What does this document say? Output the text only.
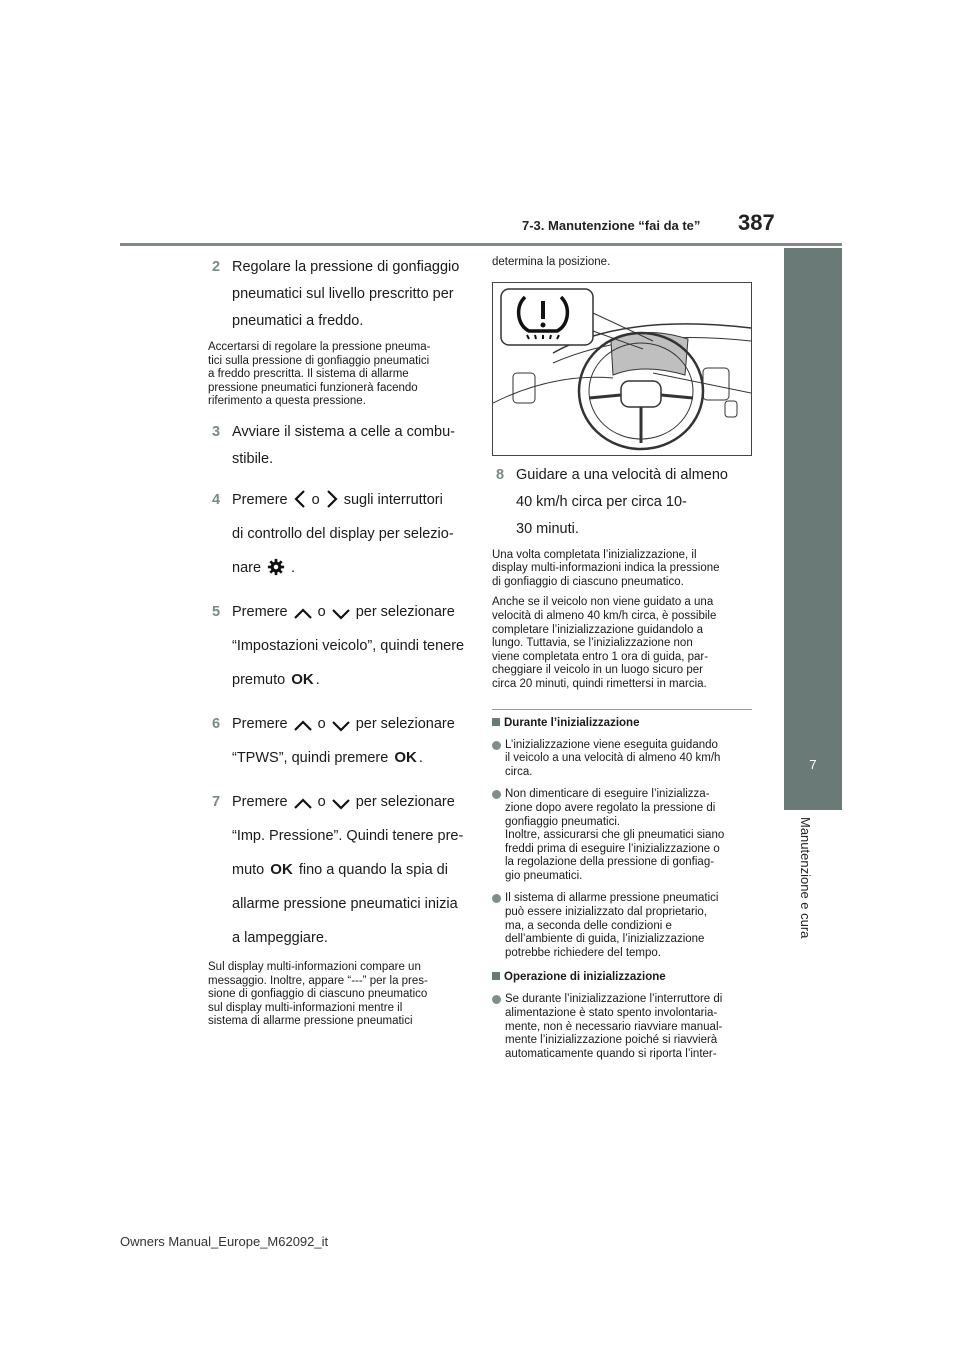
7-3. Manutenzione “fai da te” 387
7
Manutenzione e cura
2 Regolare la pressione di gonfiaggio
pneumatici sul livello prescritto per
pneumatici a freddo.
Accertarsi di regolare la pressione pneuma-
tici sulla pressione di gonfiaggio pneumatici
a freddo prescritta. Il sistema di allarme
pressione pneumatici funzionerà facendo
riferimento a questa pressione.
3 Avviare il sistema a celle a combu-
stibile.
4 Premere o sugli interruttori
di controllo del display per selezio-
nare .
5 Premere o per selezionare
“Impostazioni veicolo”, quindi tenere
premuto OK .
6 Premere o per selezionare
“TPWS”, quindi premere OK .
7 Premere o per selezionare
“Imp. Pressione”. Quindi tenere pre-
muto OK fino a quando la spia di
allarme pressione pneumatici inizia
a lampeggiare.
Sul display multi-informazioni compare un
messaggio. Inoltre, appare “---” per la pres-
sione di gonfiaggio di ciascuno pneumatico
sul display multi-informazioni mentre il
sistema di allarme pressione pneumatici
determina la posizione.
8 Guidare a una velocità di almeno
40 km/h circa per circa 10-
30 minuti.
Una volta completata l’inizializzazione, il
display multi-informazioni indica la pressione
di gonfiaggio di ciascuno pneumatico.
Anche se il veicolo non viene guidato a una
velocità di almeno 40 km/h circa, è possibile
completare l’inizializzazione guidandolo a
lungo. Tuttavia, se l’inizializzazione non
viene completata entro 1 ora di guida, par-
cheggiare il veicolo in un luogo sicuro per
circa 20 minuti, quindi rimettersi in marcia.
Durante l’inizializzazione
L’inizializzazione viene eseguita guidando
il veicolo a una velocità di almeno 40 km/h
circa.
Non dimenticare di eseguire l’inizializza-
zione dopo avere regolato la pressione di
gonfiaggio pneumatici.
Inoltre, assicurarsi che gli pneumatici siano
freddi prima di eseguire l’inizializzazione o
la regolazione della pressione di gonfiag-
gio pneumatici.
Il sistema di allarme pressione pneumatici
può essere inizializzato dal proprietario,
ma, a seconda delle condizioni e
dell’ambiente di guida, l’inizializzazione
potrebbe richiedere del tempo.
Operazione di inizializzazione
Se durante l’inizializzazione l’interruttore di
alimentazione è stato spento involontaria-
mente, non è necessario riavviare manual-
mente l’inizializzazione poiché si riavvierà
automaticamente quando si riporta l’inter-
Owners Manual_Europe_M62092_it
